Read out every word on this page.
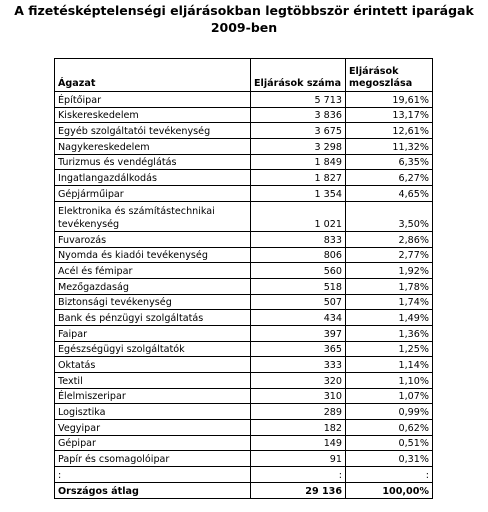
A fizetésképtelenségi eljárásokban legtöbbször érintett iparágak
2009-ben
Ágazat	Eljárások száma	Eljárások megoszlása
Építőipar	5 713	19,61%
Kiskereskedelem	3 836	13,17%
Egyéb szolgáltatói tevékenység	3 675	12,61%
Nagykereskedelem	3 298	11,32%
Turizmus és vendéglátás	1 849	6,35%
Ingatlangazdálkodás	1 827	6,27%
Gépjárműipar	1 354	4,65%
Elektronika és számítástechnikai tevékenység	1 021	3,50%
Fuvarozás	833	2,86%
Nyomda és kiadói tevékenység	806	2,77%
Acél és fémipar	560	1,92%
Mezőgazdaság	518	1,78%
Biztonsági tevékenység	507	1,74%
Bank és pénzügyi szolgáltatás	434	1,49%
Faipar	397	1,36%
Egészségügyi szolgáltatók	365	1,25%
Oktatás	333	1,14%
Textil	320	1,10%
Élelmiszeripar	310	1,07%
Logisztika	289	0,99%
Vegyipar	182	0,62%
Gépipar	149	0,51%
Papír és csomagolóipar	91	0,31%
:	:	:
Országos átlag	29 136	100,00%
